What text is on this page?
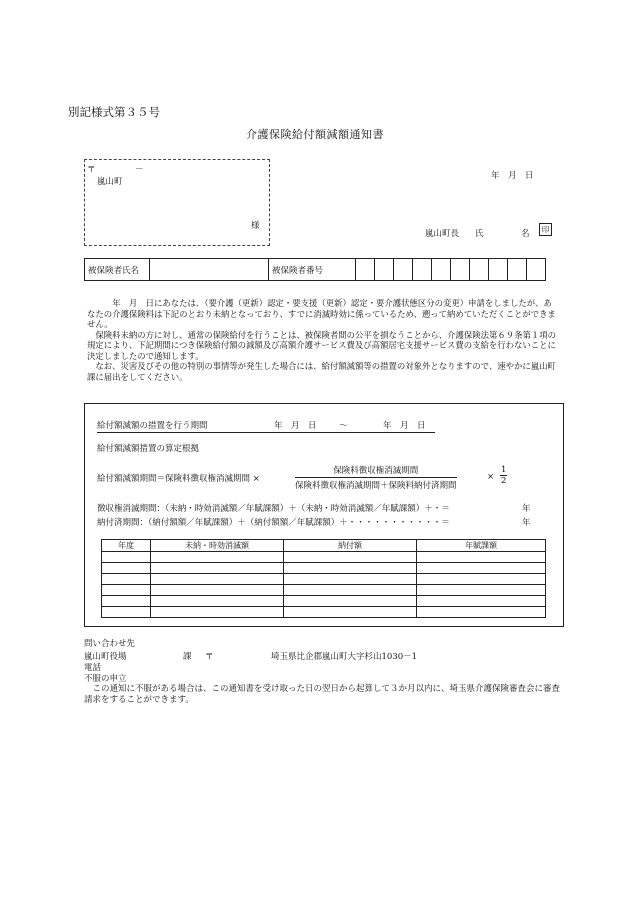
別記様式第３５号
介護保険給付額減額通知書
〒	－
嵐山町
様
年　月　日
嵐山町長 氏	名	印
被保険者氏名		被保険者番号										

年　月　日にあなたは、（要介護（更新）認定・要支援（更新）認定・要介護状態区分の変更）申請をしましたが、あなたの介護保険料は下記のとおり未納となっており、すでに消滅時効に係っているため、遡って納めていただくことができません。

保険料未納の方に対し、通常の保険給付を行うことは、被保険者間の公平を損なうことから、介護保険法第６９条第１項の規定により、下記期間につき保険給付額の減額及び高額介護サービス費及び高額居宅支援サービス費の支給を行わないことに決定しましたので通知します。

なお、災害及びその他の特別の事情等が発生した場合には、給付額減額等の措置の対象外となりますので、速やかに嵐山町　　　　　課に届出をしてください。

給付額減額の措置を行う期間	年　月　日	～	年　月　日
給付額減額措置の算定根拠
給付額減額期間＝保険料徴収権消滅期間 ×
保険料徴収権消滅期間
保険料徴収権消滅期間＋保険料納付済期間
× $\frac{1}{2}$
徴収権消滅期間：（未納・時効消滅額／年賦課額）＋（未納・時効消滅額／年賦課額）＋・＝	年
納付済期間：（納付額額／年賦課額）＋（納付額額／年賦課額）＋・・・・・・・・・・・＝	年
年度	未納・時効消滅額	納付額	年賦課額

問い合わせ先
嵐山町役場	課 〒	埼玉県比企郡嵐山町大字杉山1030－1
電話
不服の申立
この通知に不服がある場合は、この通知書を受け取った日の翌日から起算して３か月以内に、埼玉県介護保険審査会に審査請求をすることができます。
